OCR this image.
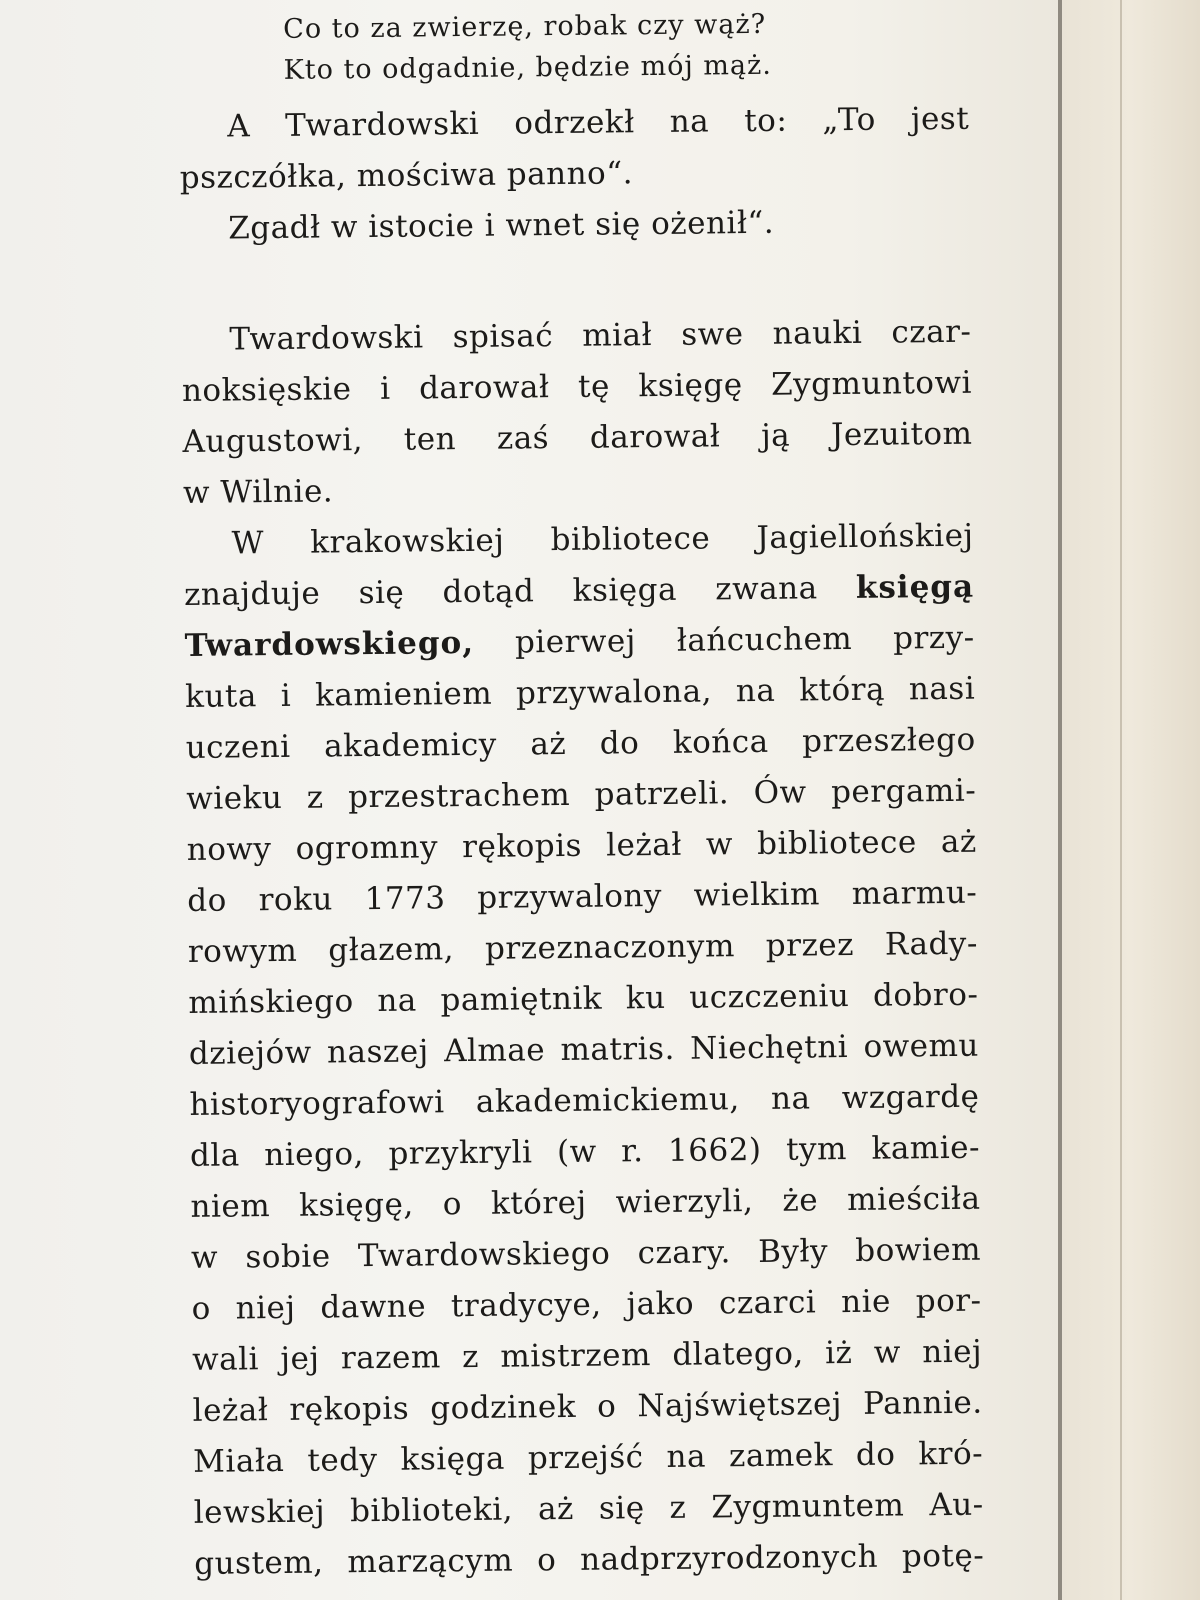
Co to za zwierzę, robak czy wąż?
Kto to odgadnie, będzie mój mąż.
A Twardowski odrzekł na to: „To jest
pszczółka, mościwa panno“.
Zgadł w istocie i wnet się ożenił“.
Twardowski spisać miał swe nauki czar-
noksięskie i darował tę księgę Zygmuntowi
Augustowi, ten zaś darował ją Jezuitom
w Wilnie.
W krakowskiej bibliotece Jagiellońskiej
znajduje się dotąd księga zwana księgą
Twardowskiego, pierwej łańcuchem przy-
kuta i kamieniem przywalona, na którą nasi
uczeni akademicy aż do końca przeszłego
wieku z przestrachem patrzeli. Ów pergami-
nowy ogromny rękopis leżał w bibliotece aż
do roku 1773 przywalony wielkim marmu-
rowym głazem, przeznaczonym przez Rady-
mińskiego na pamiętnik ku uczczeniu dobro-
dziejów naszej Almae matris. Niechętni owemu
historyografowi akademickiemu, na wzgardę
dla niego, przykryli (w r. 1662) tym kamie-
niem księgę, o której wierzyli, że mieściła
w sobie Twardowskiego czary. Były bowiem
o niej dawne tradycye, jako czarci nie por-
wali jej razem z mistrzem dlatego, iż w niej
leżał rękopis godzinek o Najświętszej Pannie.
Miała tedy księga przejść na zamek do kró-
lewskiej biblioteki, aż się z Zygmuntem Au-
gustem, marzącym o nadprzyrodzonych potę-
